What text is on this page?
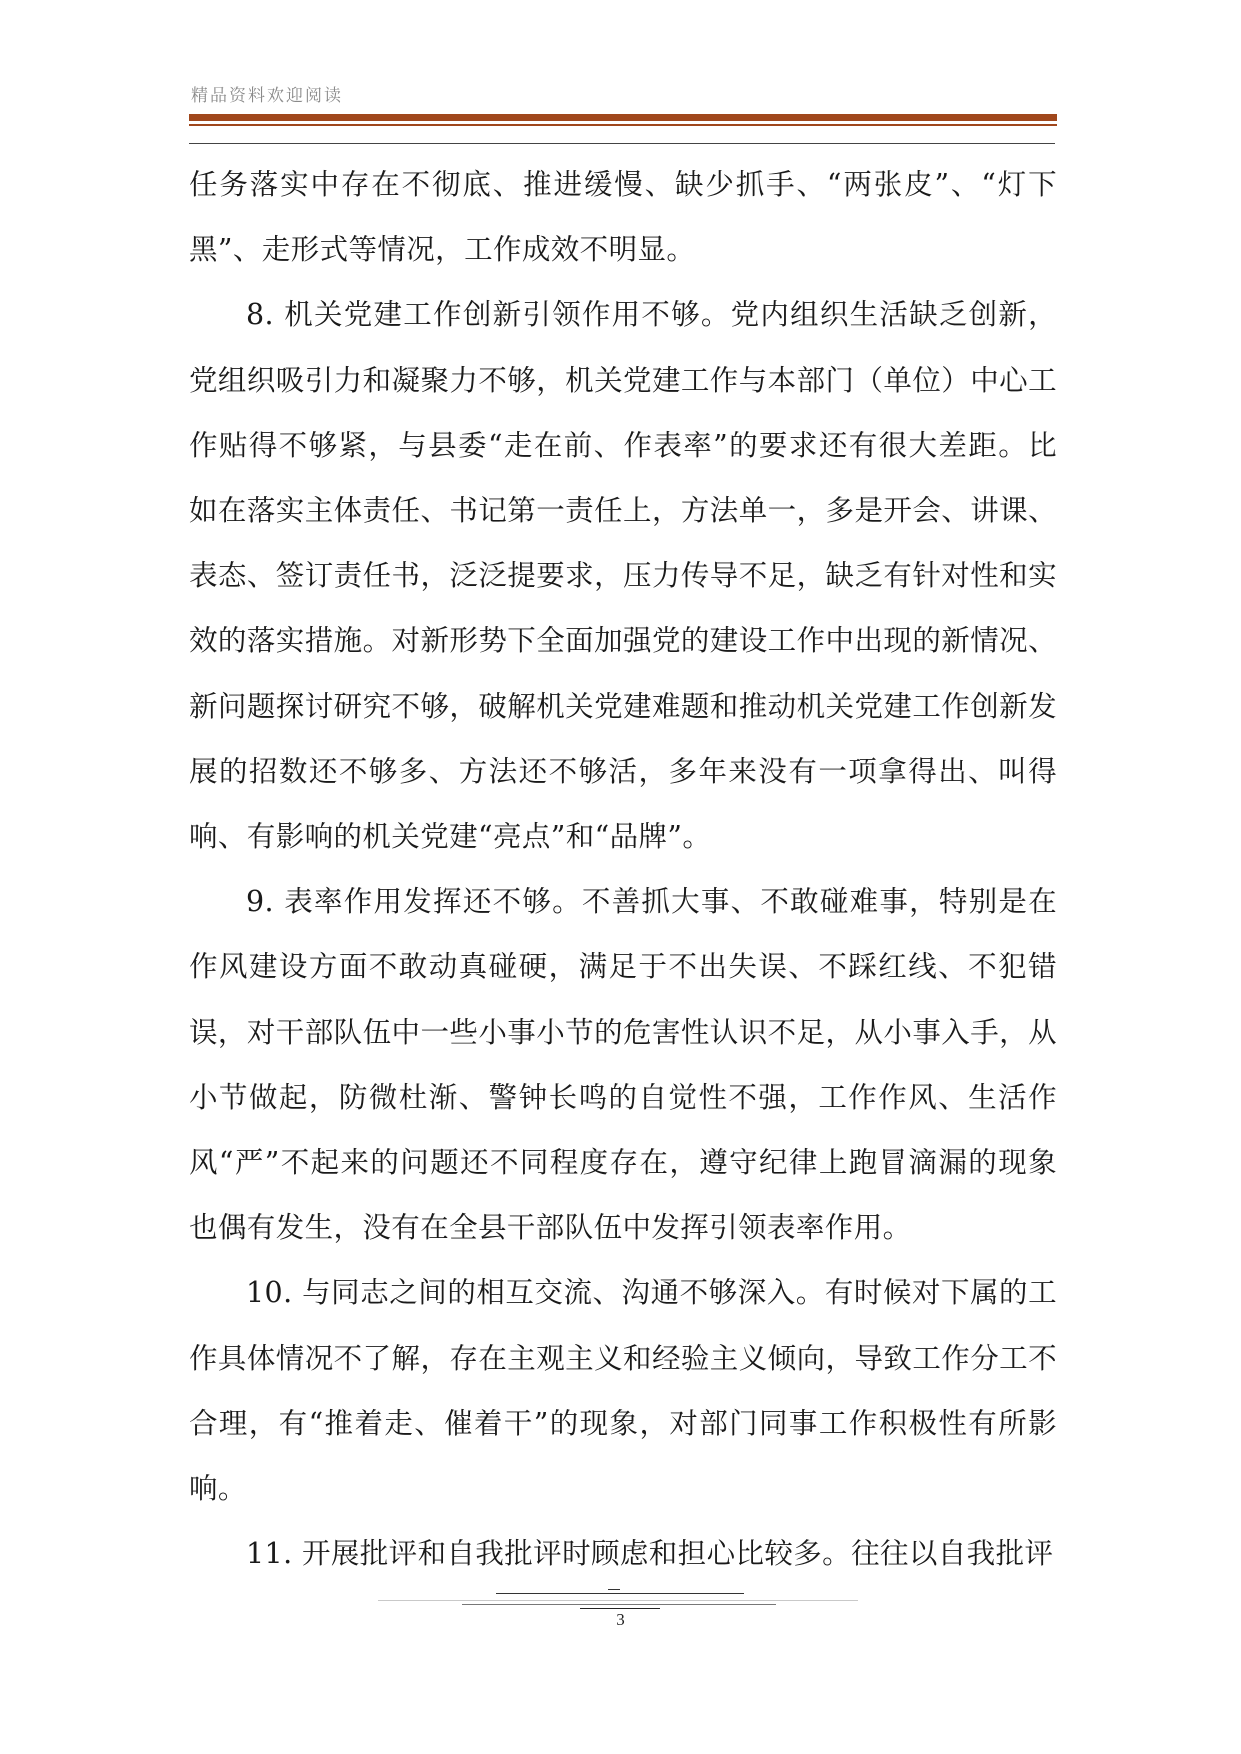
精品资料欢迎阅读

任务落实中存在不彻底、推进缓慢、缺少抓手、“两张皮”、“灯下黑”、走形式等情况，工作成效不明显。

8. 机关党建工作创新引领作用不够。党内组织生活缺乏创新，党组织吸引力和凝聚力不够，机关党建工作与本部门（单位）中心工作贴得不够紧，与县委“走在前、作表率”的要求还有很大差距。比如在落实主体责任、书记第一责任上，方法单一，多是开会、讲课、表态、签订责任书，泛泛提要求，压力传导不足，缺乏有针对性和实效的落实措施。对新形势下全面加强党的建设工作中出现的新情况、新问题探讨研究不够，破解机关党建难题和推动机关党建工作创新发展的招数还不够多、方法还不够活，多年来没有一项拿得出、叫得响、有影响的机关党建“亮点”和“品牌”。

9. 表率作用发挥还不够。不善抓大事、不敢碰难事，特别是在作风建设方面不敢动真碰硬，满足于不出失误、不踩红线、不犯错误，对干部队伍中一些小事小节的危害性认识不足，从小事入手，从小节做起，防微杜渐、警钟长鸣的自觉性不强，工作作风、生活作风“严”不起来的问题还不同程度存在，遵守纪律上跑冒滴漏的现象也偶有发生，没有在全县干部队伍中发挥引领表率作用。

10. 与同志之间的相互交流、沟通不够深入。有时候对下属的工作具体情况不了解，存在主观主义和经验主义倾向，导致工作分工不合理，有“推着走、催着干”的现象，对部门同事工作积极性有所影响。

11. 开展批评和自我批评时顾虑和担心比较多。往往以自我批评

3
